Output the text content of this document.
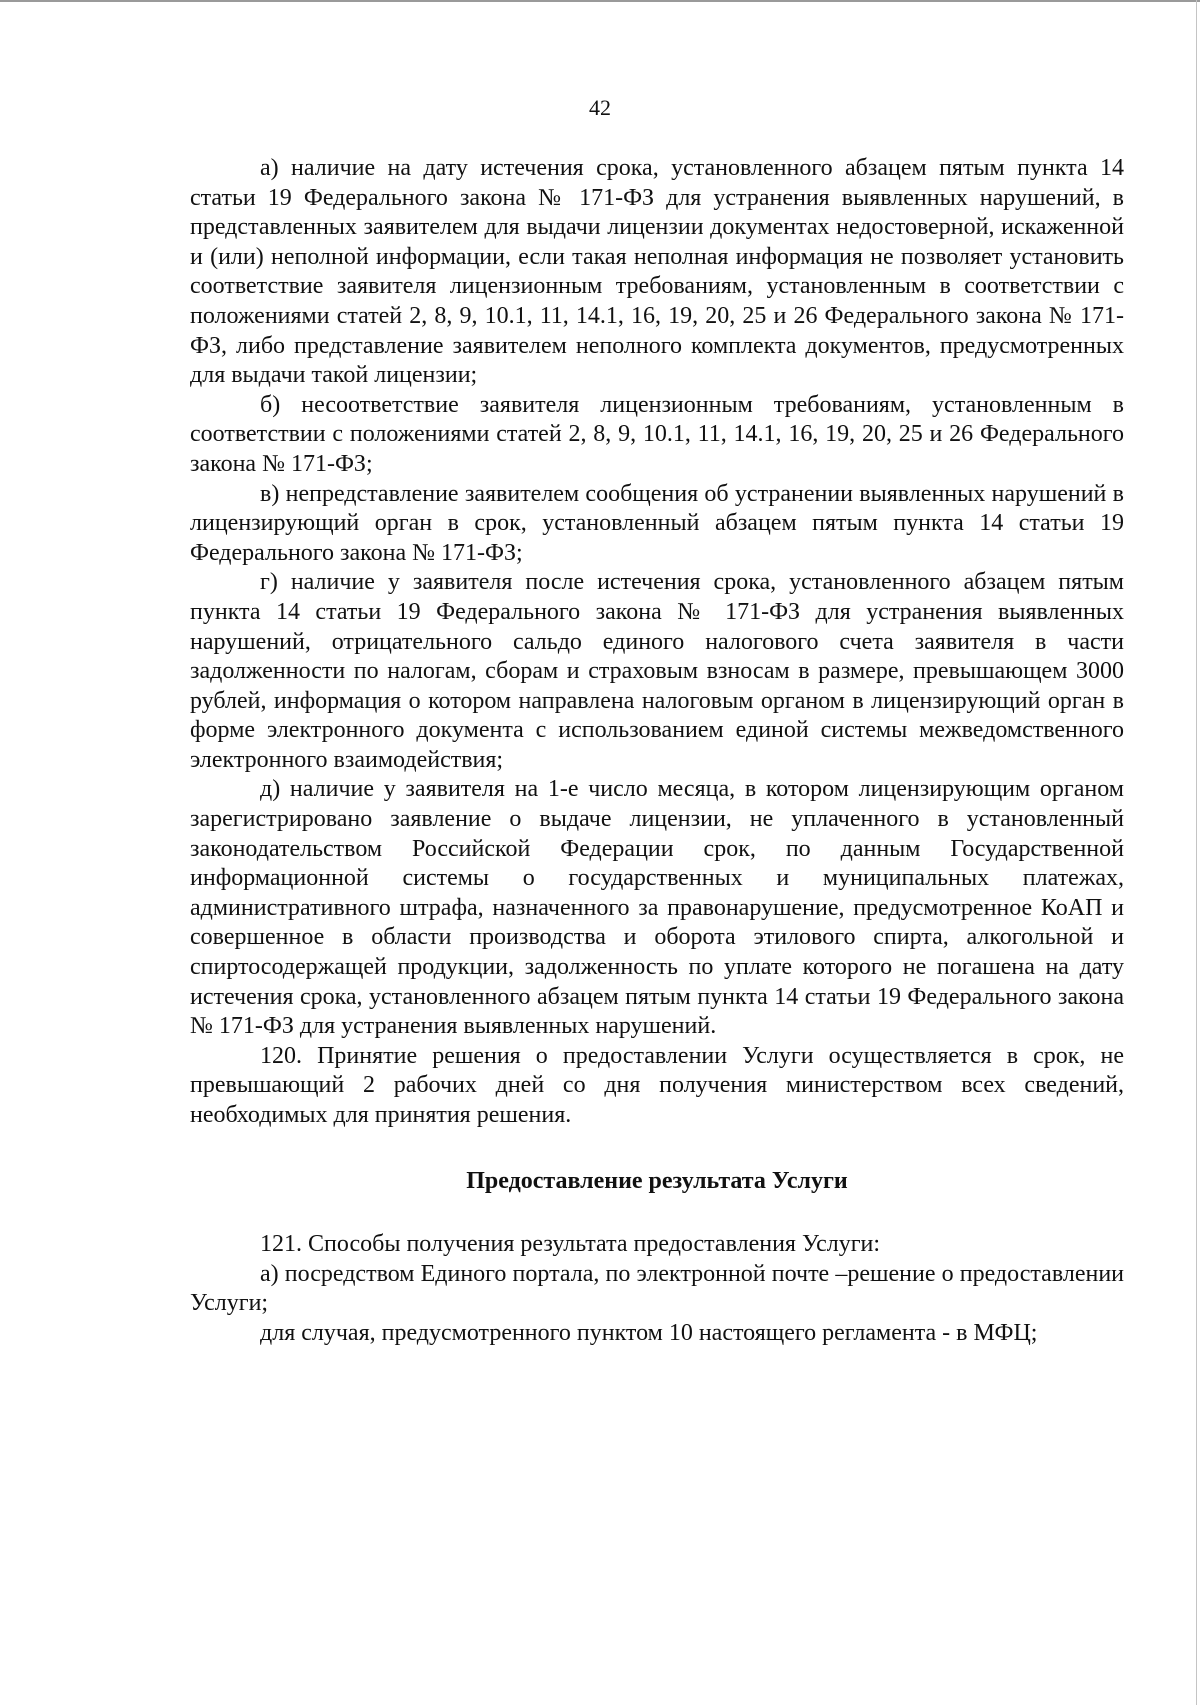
42

а) наличие на дату истечения срока, установленного абзацем пятым пункта 14 статьи 19 Федерального закона № 171-ФЗ для устранения выявленных нарушений, в представленных заявителем для выдачи лицензии документах недостоверной, искаженной и (или) неполной информации, если такая неполная информация не позволяет установить соответствие заявителя лицензионным требованиям, установленным в соответствии с положениями статей 2, 8, 9, 10.1, 11, 14.1, 16, 19, 20, 25 и 26 Федерального закона № 171-ФЗ, либо представление заявителем неполного комплекта документов, предусмотренных для выдачи такой лицензии;

б) несоответствие заявителя лицензионным требованиям, установленным в соответствии с положениями статей 2, 8, 9, 10.1, 11, 14.1, 16, 19, 20, 25 и 26 Федерального закона № 171-ФЗ;

в) непредставление заявителем сообщения об устранении выявленных нарушений в лицензирующий орган в срок, установленный абзацем пятым пункта 14 статьи 19 Федерального закона № 171-ФЗ;

г) наличие у заявителя после истечения срока, установленного абзацем пятым пункта 14 статьи 19 Федерального закона № 171-ФЗ для устранения выявленных нарушений, отрицательного сальдо единого налогового счета заявителя в части задолженности по налогам, сборам и страховым взносам в размере, превышающем 3000 рублей, информация о котором направлена налоговым органом в лицензирующий орган в форме электронного документа с использованием единой системы межведомственного электронного взаимодействия;

д) наличие у заявителя на 1-е число месяца, в котором лицензирующим органом зарегистрировано заявление о выдаче лицензии, не уплаченного в установленный законодательством Российской Федерации срок, по данным Государственной информационной системы о государственных и муниципальных платежах, административного штрафа, назначенного за правонарушение, предусмотренное КоАП и совершенное в области производства и оборота этилового спирта, алкогольной и спиртосодержащей продукции, задолженность по уплате которого не погашена на дату истечения срока, установленного абзацем пятым пункта 14 статьи 19 Федерального закона № 171-ФЗ для устранения выявленных нарушений.

120. Принятие решения о предоставлении Услуги осуществляется в срок, не превышающий 2 рабочих дней со дня получения министерством всех сведений, необходимых для принятия решения.

Предоставление результата Услуги

121. Способы получения результата предоставления Услуги:

а) посредством Единого портала, по электронной почте –решение о предоставлении Услуги;

для случая, предусмотренного пунктом 10 настоящего регламента - в МФЦ;
